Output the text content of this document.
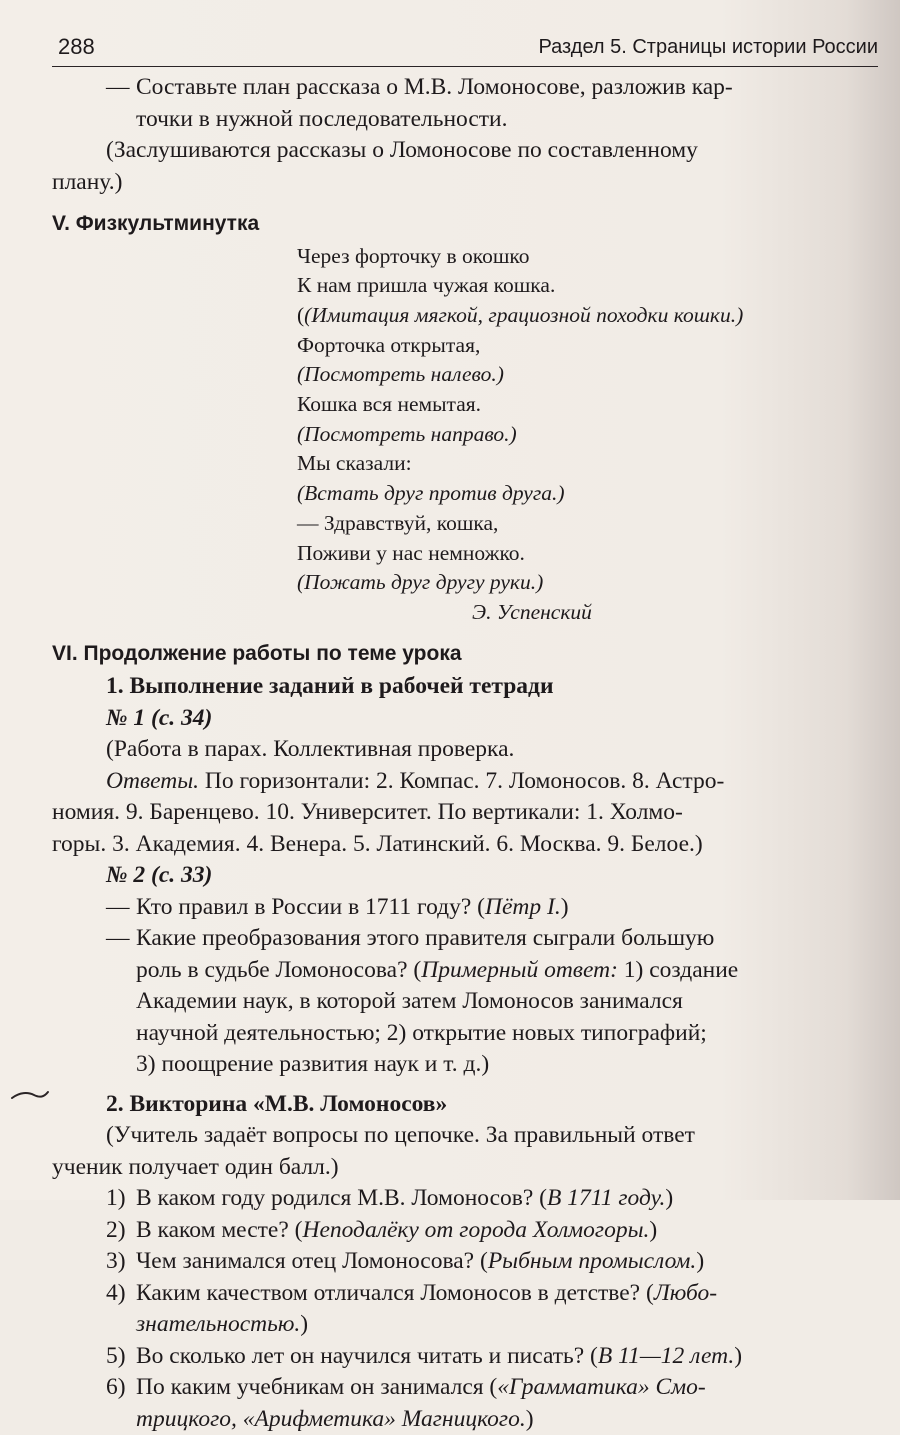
288	Раздел 5. Страницы истории России

— Составьте план рассказа о М.В. Ломоносове, разложив кар-

точки в нужной последовательности.

(Заслушиваются рассказы о Ломоносове по составленному

плану.)

V. Физкультминутка

Через форточку в окошко

К нам пришла чужая кошка.

((Имитация мягкой, грациозной походки кошки.)

Форточка открытая,

(Посмотреть налево.)

Кошка вся немытая.

(Посмотреть направо.)

Мы сказали:

(Встать друг против друга.)

— Здравствуй, кошка,

Поживи у нас немножко.

(Пожать друг другу руки.)

Э. Успенский

VI. Продолжение работы по теме урока

1. Выполнение заданий в рабочей тетради

№ 1 (с. 34)

(Работа в парах. Коллективная проверка.

Ответы. По горизонтали: 2. Компас. 7. Ломоносов. 8. Астро-

номия. 9. Баренцево. 10. Университет. По вертикали: 1. Холмо-

горы. 3. Академия. 4. Венера. 5. Латинский. 6. Москва. 9. Белое.)

№ 2 (с. 33)

— Кто правил в России в 1711 году? (Пётр I.)

— Какие преобразования этого правителя сыграли большую

роль в судьбе Ломоносова? (Примерный ответ: 1) создание

Академии наук, в которой затем Ломоносов занимался

научной деятельностью; 2) открытие новых типографий;

3) поощрение развития наук и т. д.)

2. Викторина «М.В. Ломоносов»

(Учитель задаёт вопросы по цепочке. За правильный ответ

ученик получает один балл.)

1) В каком году родился М.В. Ломоносов? (В 1711 году.)

2) В каком месте? (Неподалёку от города Холмогоры.)

3) Чем занимался отец Ломоносова? (Рыбным промыслом.)

4) Каким качеством отличался Ломоносов в детстве? (Любо-

знательностью.)

5) Во сколько лет он научился читать и писать? (В 11—12 лет.)

6) По каким учебникам он занимался («Грамматика» Смо-

трицкого, «Арифметика» Магницкого.)
